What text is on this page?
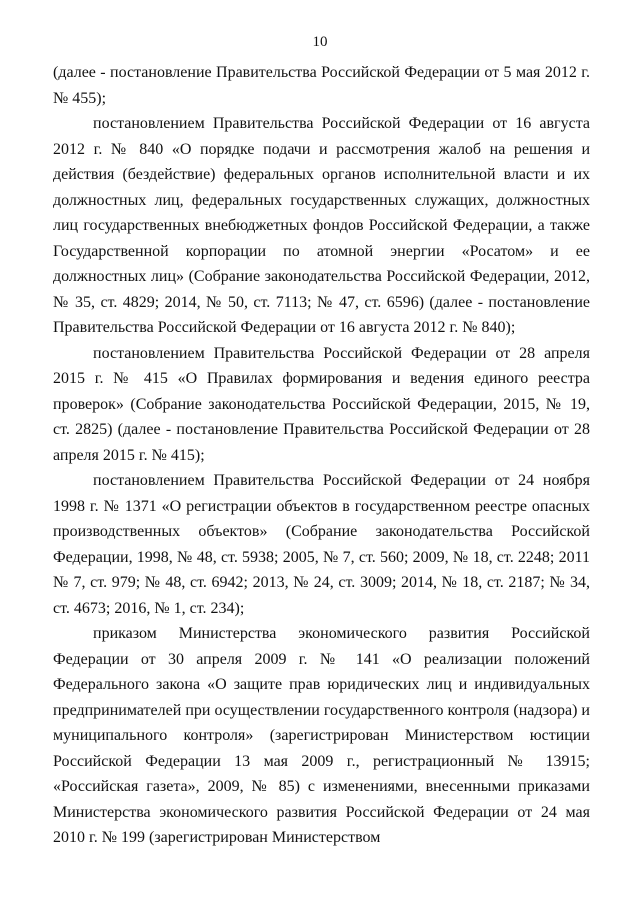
10

(далее - постановление Правительства Российской Федерации от 5 мая 2012 г. № 455);

постановлением Правительства Российской Федерации от 16 августа 2012 г. № 840 «О порядке подачи и рассмотрения жалоб на решения и действия (бездействие) федеральных органов исполнительной власти и их должностных лиц, федеральных государственных служащих, должностных лиц государственных внебюджетных фондов Российской Федерации, а также Государственной корпорации по атомной энергии «Росатом» и ее должностных лиц» (Собрание законодательства Российской Федерации, 2012, № 35, ст. 4829; 2014, № 50, ст. 7113; № 47, ст. 6596) (далее - постановление Правительства Российской Федерации от 16 августа 2012 г. № 840);

постановлением Правительства Российской Федерации от 28 апреля 2015 г. № 415 «О Правилах формирования и ведения единого реестра проверок» (Собрание законодательства Российской Федерации, 2015, № 19, ст. 2825) (далее - постановление Правительства Российской Федерации от 28 апреля 2015 г. № 415);

постановлением Правительства Российской Федерации от 24 ноября 1998 г. № 1371 «О регистрации объектов в государственном реестре опасных производственных объектов» (Собрание законодательства Российской Федерации, 1998, № 48, ст. 5938; 2005, № 7, ст. 560; 2009, № 18, ст. 2248; 2011 № 7, ст. 979; № 48, ст. 6942; 2013, № 24, ст. 3009; 2014, № 18, ст. 2187; № 34, ст. 4673; 2016, № 1, ст. 234);

приказом Министерства экономического развития Российской Федерации от 30 апреля 2009 г. № 141 «О реализации положений Федерального закона «О защите прав юридических лиц и индивидуальных предпринимателей при осуществлении государственного контроля (надзора) и муниципального контроля» (зарегистрирован Министерством юстиции Российской Федерации 13 мая 2009 г., регистрационный № 13915; «Российская газета», 2009, № 85) с изменениями, внесенными приказами Министерства экономического развития Российской Федерации от 24 мая 2010 г. № 199 (зарегистрирован Министерством
